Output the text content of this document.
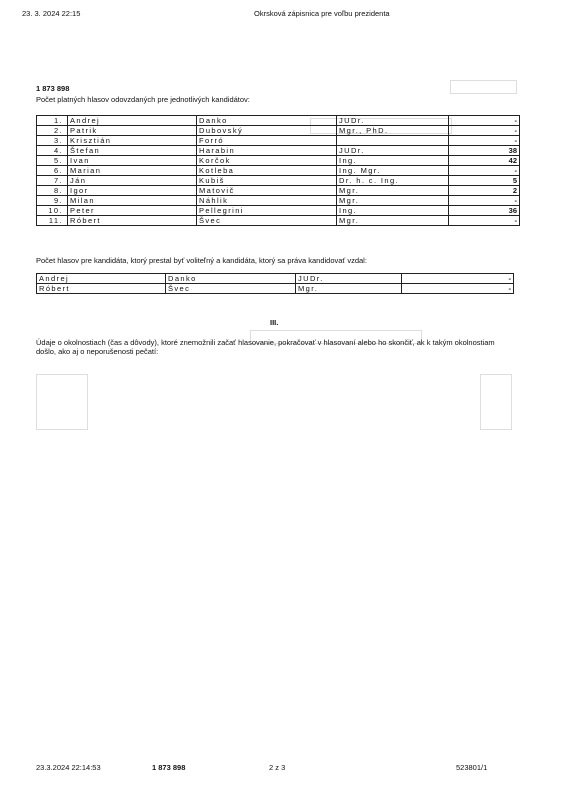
23. 3. 2024 22:15	Okrsková zápisnica pre voľbu prezidenta
1 873 898
Počet platných hlasov odovzdaných pre jednotlivých kandidátov:
1.	Andrej	Danko	JUDr.	-
2.	Patrik	Dubovský	Mgr., PhD.	-
3.	Krisztián	Forró		-
4.	Štefan	Harabin	JUDr.	38
5.	Ivan	Korčok	Ing.	42
6.	Marian	Kotleba	Ing. Mgr.	-
7.	Ján	Kubiš	Dr. h. c. Ing.	5
8.	Igor	Matovič	Mgr.	2
9.	Milan	Náhlik	Mgr.	-
10.	Peter	Pellegrini	Ing.	36
11.	Róbert	Švec	Mgr.	-
Počet hlasov pre kandidáta, ktorý prestal byť voliteľný a kandidáta, ktorý sa práva kandidovať vzdal:
Andrej	Danko	JUDr.	-
Róbert	Švec	Mgr.	-
III.
Údaje o okolnostiach (čas a dôvody), ktoré znemožnili začať hlasovanie, pokračovať v hlasovaní alebo ho skončiť, ak k takým okolnostiam došlo, ako aj o neporušenosti pečatí:
23.3.2024 22:14:53	1 873 898	2 z 3	523801/1
